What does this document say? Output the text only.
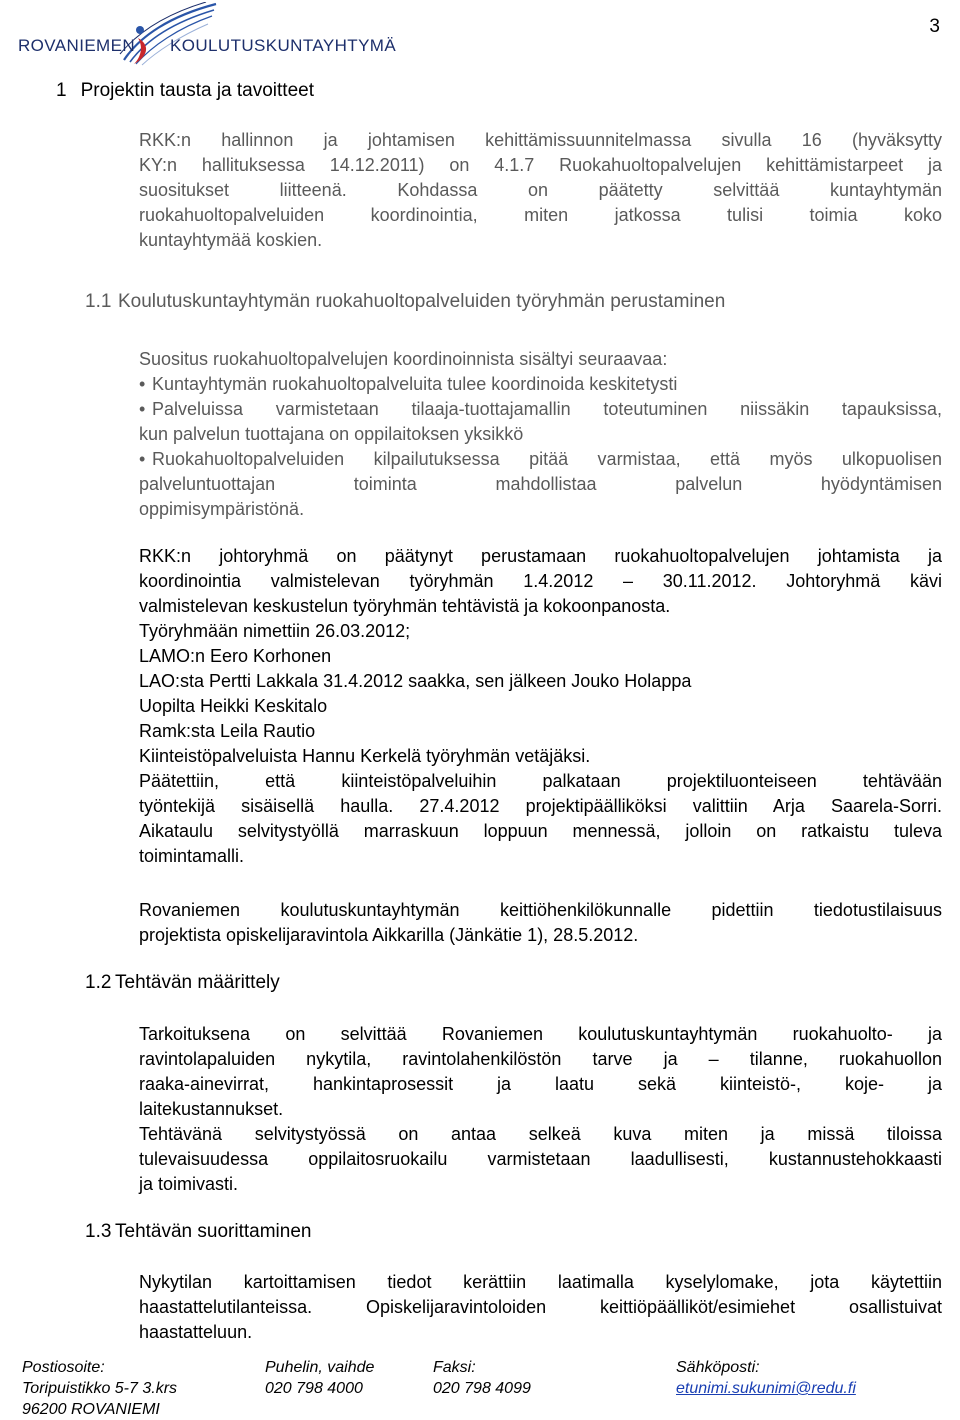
ROVANIEMEN KOULUTUSKUNTAYHTYMÄ
3
1 Projektin tausta ja tavoitteet
RKK:n hallinnon ja johtamisen kehittämissuunnitelmassa sivulla 16 (hyväksytty
KY:n hallituksessa 14.12.2011) on 4.1.7 Ruokahuoltopalvelujen kehittämistarpeet ja
suositukset liitteenä. Kohdassa on päätetty selvittää kuntayhtymän
ruokahuoltopalveluiden koordinointia, miten jatkossa tulisi toimia koko
kuntayhtymää koskien.
1.1 Koulutuskuntayhtymän ruokahuoltopalveluiden työryhmän perustaminen
Suositus ruokahuoltopalvelujen koordinoinnista sisältyi seuraavaa:
• Kuntayhtymän ruokahuoltopalveluita tulee koordinoida keskitetysti
• Palveluissa varmistetaan tilaaja-tuottajamallin toteutuminen niissäkin tapauksissa,
kun palvelun tuottajana on oppilaitoksen yksikkö
• Ruokahuoltopalveluiden kilpailutuksessa pitää varmistaa, että myös ulkopuolisen
palveluntuottajan toiminta mahdollistaa palvelun hyödyntämisen
oppimisympäristönä.
RKK:n johtoryhmä on päätynyt perustamaan ruokahuoltopalvelujen johtamista ja
koordinointia valmistelevan työryhmän 1.4.2012 – 30.11.2012. Johtoryhmä kävi
valmistelevan keskustelun työryhmän tehtävistä ja kokoonpanosta.
Työryhmään nimettiin 26.03.2012;
LAMO:n Eero Korhonen
LAO:sta Pertti Lakkala 31.4.2012 saakka, sen jälkeen Jouko Holappa
Uopilta Heikki Keskitalo
Ramk:sta Leila Rautio
Kiinteistöpalveluista Hannu Kerkelä työryhmän vetäjäksi.
Päätettiin, että kiinteistöpalveluihin palkataan projektiluonteiseen tehtävään
työntekijä sisäisellä haulla. 27.4.2012 projektipäälliköksi valittiin Arja Saarela-Sorri.
Aikataulu selvitystyöllä marraskuun loppuun mennessä, jolloin on ratkaistu tuleva
toimintamalli.
Rovaniemen koulutuskuntayhtymän keittiöhenkilökunnalle pidettiin tiedotustilaisuus
projektista opiskelijaravintola Aikkarilla (Jänkätie 1), 28.5.2012.
1.2 Tehtävän määrittely
Tarkoituksena on selvittää Rovaniemen koulutuskuntayhtymän ruokahuolto- ja
ravintolapaluiden nykytila, ravintolahenkilöstön tarve ja – tilanne, ruokahuollon
raaka-ainevirrat, hankintaprosessit ja laatu sekä kiinteistö-, koje- ja
laitekustannukset.
Tehtävänä selvitystyössä on antaa selkeä kuva miten ja missä tiloissa
tulevaisuudessa oppilaitosruokailu varmistetaan laadullisesti, kustannustehokkaasti
ja toimivasti.
1.3 Tehtävän suorittaminen
Nykytilan kartoittamisen tiedot kerättiin laatimalla kyselylomake, jota käytettiin
haastattelutilanteissa. Opiskelijaravintoloiden keittiöpäälliköt/esimiehet osallistuivat
haastatteluun.
Postiosoite:
Toripuistikko 5-7 3.krs
96200 ROVANIEMI
Puhelin, vaihde
020 798 4000
Faksi:
020 798 4099
Sähköposti:
etunimi.sukunimi@redu.fi
